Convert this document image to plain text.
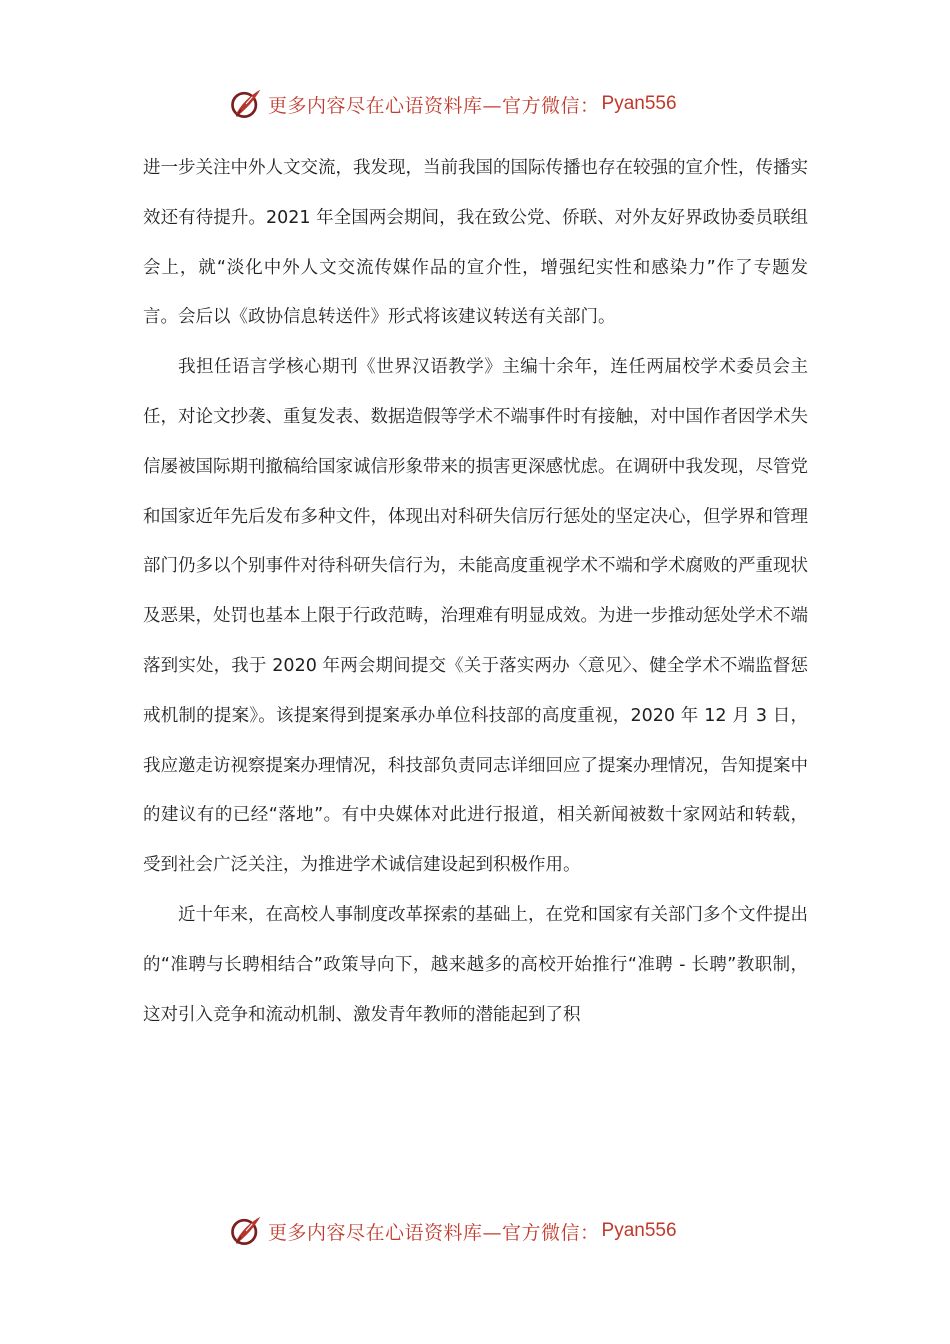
更多内容尽在心语资料库—官方微信： Pyan556

进一步关注中外人文交流，我发现，当前我国的国际传播也存在较强的宣介性，传播实效还有待提升。2021 年全国两会期间，我在致公党、侨联、对外友好界政协委员联组会上，就“淡化中外人文交流传媒作品的宣介性，增强纪实性和感染力”作了专题发言。会后以《政协信息转送件》形式将该建议转送有关部门。

我担任语言学核心期刊《世界汉语教学》主编十余年，连任两届校学术委员会主任，对论文抄袭、重复发表、数据造假等学术不端事件时有接触，对中国作者因学术失信屡被国际期刊撤稿给国家诚信形象带来的损害更深感忧虑。在调研中我发现，尽管党和国家近年先后发布多种文件，体现出对科研失信厉行惩处的坚定决心，但学界和管理部门仍多以个别事件对待科研失信行为，未能高度重视学术不端和学术腐败的严重现状及恶果，处罚也基本上限于行政范畴，治理难有明显成效。为进一步推动惩处学术不端落到实处，我于 2020 年两会期间提交《关于落实两办〈意见〉、健全学术不端监督惩戒机制的提案》。该提案得到提案承办单位科技部的高度重视，2020 年 12 月 3 日，我应邀走访视察提案办理情况，科技部负责同志详细回应了提案办理情况，告知提案中的建议有的已经“落地”。有中央媒体对此进行报道，相关新闻被数十家网站和转载，受到社会广泛关注，为推进学术诚信建设起到积极作用。

近十年来，在高校人事制度改革探索的基础上，在党和国家有关部门多个文件提出的“准聘与长聘相结合”政策导向下，越来越多的高校开始推行“准聘 - 长聘”教职制，这对引入竞争和流动机制、激发青年教师的潜能起到了积

更多内容尽在心语资料库—官方微信： Pyan556
